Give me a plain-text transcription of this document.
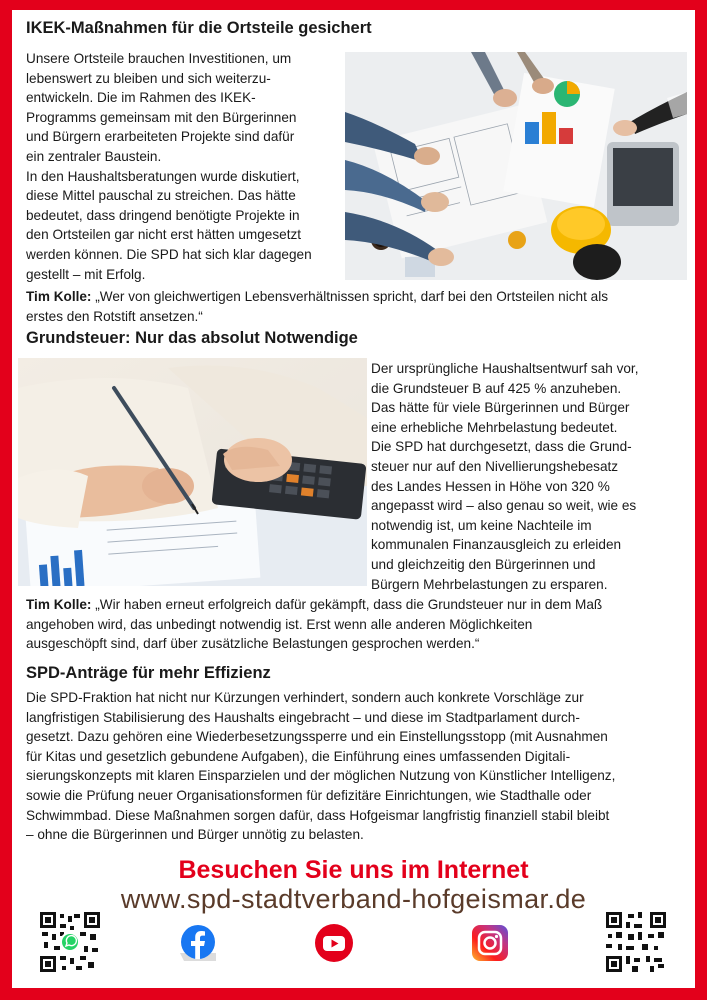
IKEK-Maßnahmen für die Ortsteile gesichert
Unsere Ortsteile brauchen Investitionen, um
lebenswert zu bleiben und sich weiterzu-
entwickeln. Die im Rahmen des IKEK-
Programms gemeinsam mit den Bürgerinnen
und Bürgern erarbeiteten Projekte sind dafür
ein zentraler Baustein.
In den Haushaltsberatungen wurde diskutiert,
diese Mittel pauschal zu streichen. Das hätte
bedeutet, dass dringend benötigte Projekte in
den Ortsteilen gar nicht erst hätten umgesetzt
werden können. Die SPD hat sich klar dagegen
gestellt – mit Erfolg.
Tim Kolle: „Wer von gleichwertigen Lebensverhältnissen spricht, darf bei den Ortsteilen nicht als
erstes den Rotstift ansetzen.“
Grundsteuer: Nur das absolut Notwendige
Der ursprüngliche Haushaltsentwurf sah vor,
die Grundsteuer B auf 425 % anzuheben.
Das hätte für viele Bürgerinnen und Bürger
eine erhebliche Mehrbelastung bedeutet.
Die SPD hat durchgesetzt, dass die Grund-
steuer nur auf den Nivellierungshebesatz
des Landes Hessen in Höhe von 320 %
angepasst wird – also genau so weit, wie es
notwendig ist, um keine Nachteile im
kommunalen Finanzausgleich zu erleiden
und gleichzeitig den Bürgerinnen und
Bürgern Mehrbelastungen zu ersparen.
Tim Kolle: „Wir haben erneut erfolgreich dafür gekämpft, dass die Grundsteuer nur in dem Maß
angehoben wird, das unbedingt notwendig ist. Erst wenn alle anderen Möglichkeiten
ausgeschöpft sind, darf über zusätzliche Belastungen gesprochen werden.“
SPD-Anträge für mehr Effizienz
Die SPD-Fraktion hat nicht nur Kürzungen verhindert, sondern auch konkrete Vorschläge zur
langfristigen Stabilisierung des Haushalts eingebracht – und diese im Stadtparlament durch-
gesetzt. Dazu gehören eine Wiederbesetzungssperre und ein Einstellungsstopp (mit Ausnahmen
für Kitas und gesetzlich gebundene Aufgaben), die Einführung eines umfassenden Digitali-
sierungskonzepts mit klaren Einsparzielen und der möglichen Nutzung von Künstlicher Intelligenz,
sowie die Prüfung neuer Organisationsformen für defizitäre Einrichtungen, wie Stadthalle oder
Schwimmbad. Diese Maßnahmen sorgen dafür, dass Hofgeismar langfristig finanziell stabil bleibt
– ohne die Bürgerinnen und Bürger unnötig zu belasten.
Besuchen Sie uns im Internet
www.spd-stadtverband-hofgeismar.de
